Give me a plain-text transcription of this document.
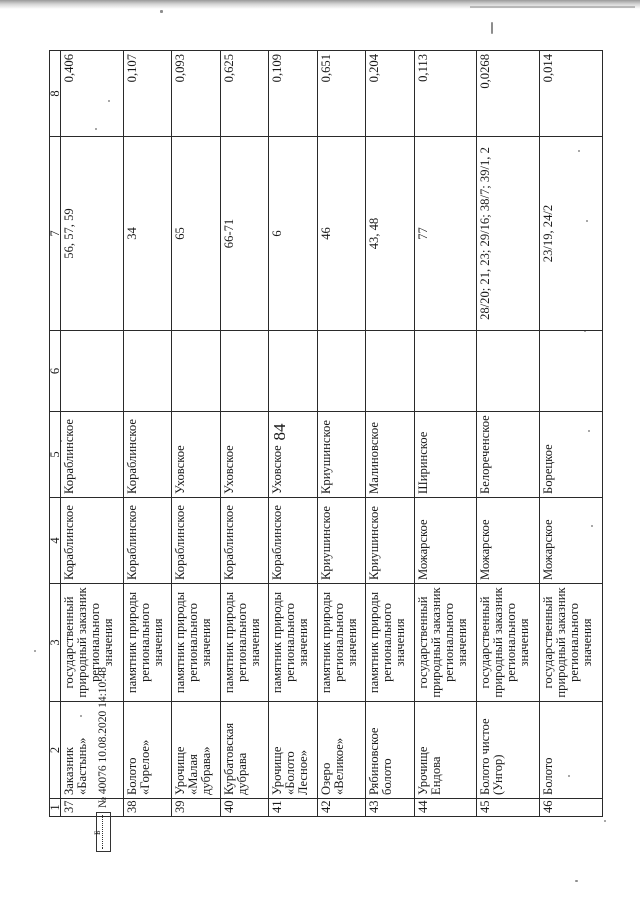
84
1	2	3	4	5	6	7	8
37	Заказник «Бастынь»	государственный природный заказник регионального значения	Кораблинское	Кораблинское		56, 57, 59	0,406
38	Болото «Горелое»	памятник природы регионального значения	Кораблинское	Кораблинское		34	0,107
39	Урочище «Малая дубрава»	памятник природы регионального значения	Кораблинское	Уховское		65	0,093
40	Курбатовская дубрава	памятник природы регионального значения	Кораблинское	Уховское		66-71	0,625
41	Урочище «Болото Лесное»	памятник природы регионального значения	Кораблинское	Уховское		6	0,109
42	Озеро «Великое»	памятник природы регионального значения	Криушинское	Криушинское		46	0,651
43	Рябиновское болото	памятник природы регионального значения	Криушинское	Малиновское		43, 48	0,204
44	Урочище Ендова	государственный природный заказник регионального значения	Можарское	Ширинское		77	0,113
45	Болото чистое (Унгор)	государственный природный заказник регионального значения	Можарское	Белореченское		28/20; 21, 23; 29/16; 38/7; 39/1, 2	0,0268
46	Болото	государственный природный заказник регионального значения	Можарское	Борецкое		23/19, 24/2	0,014
Б
№ 40076 10.08.2020 14:10:48
